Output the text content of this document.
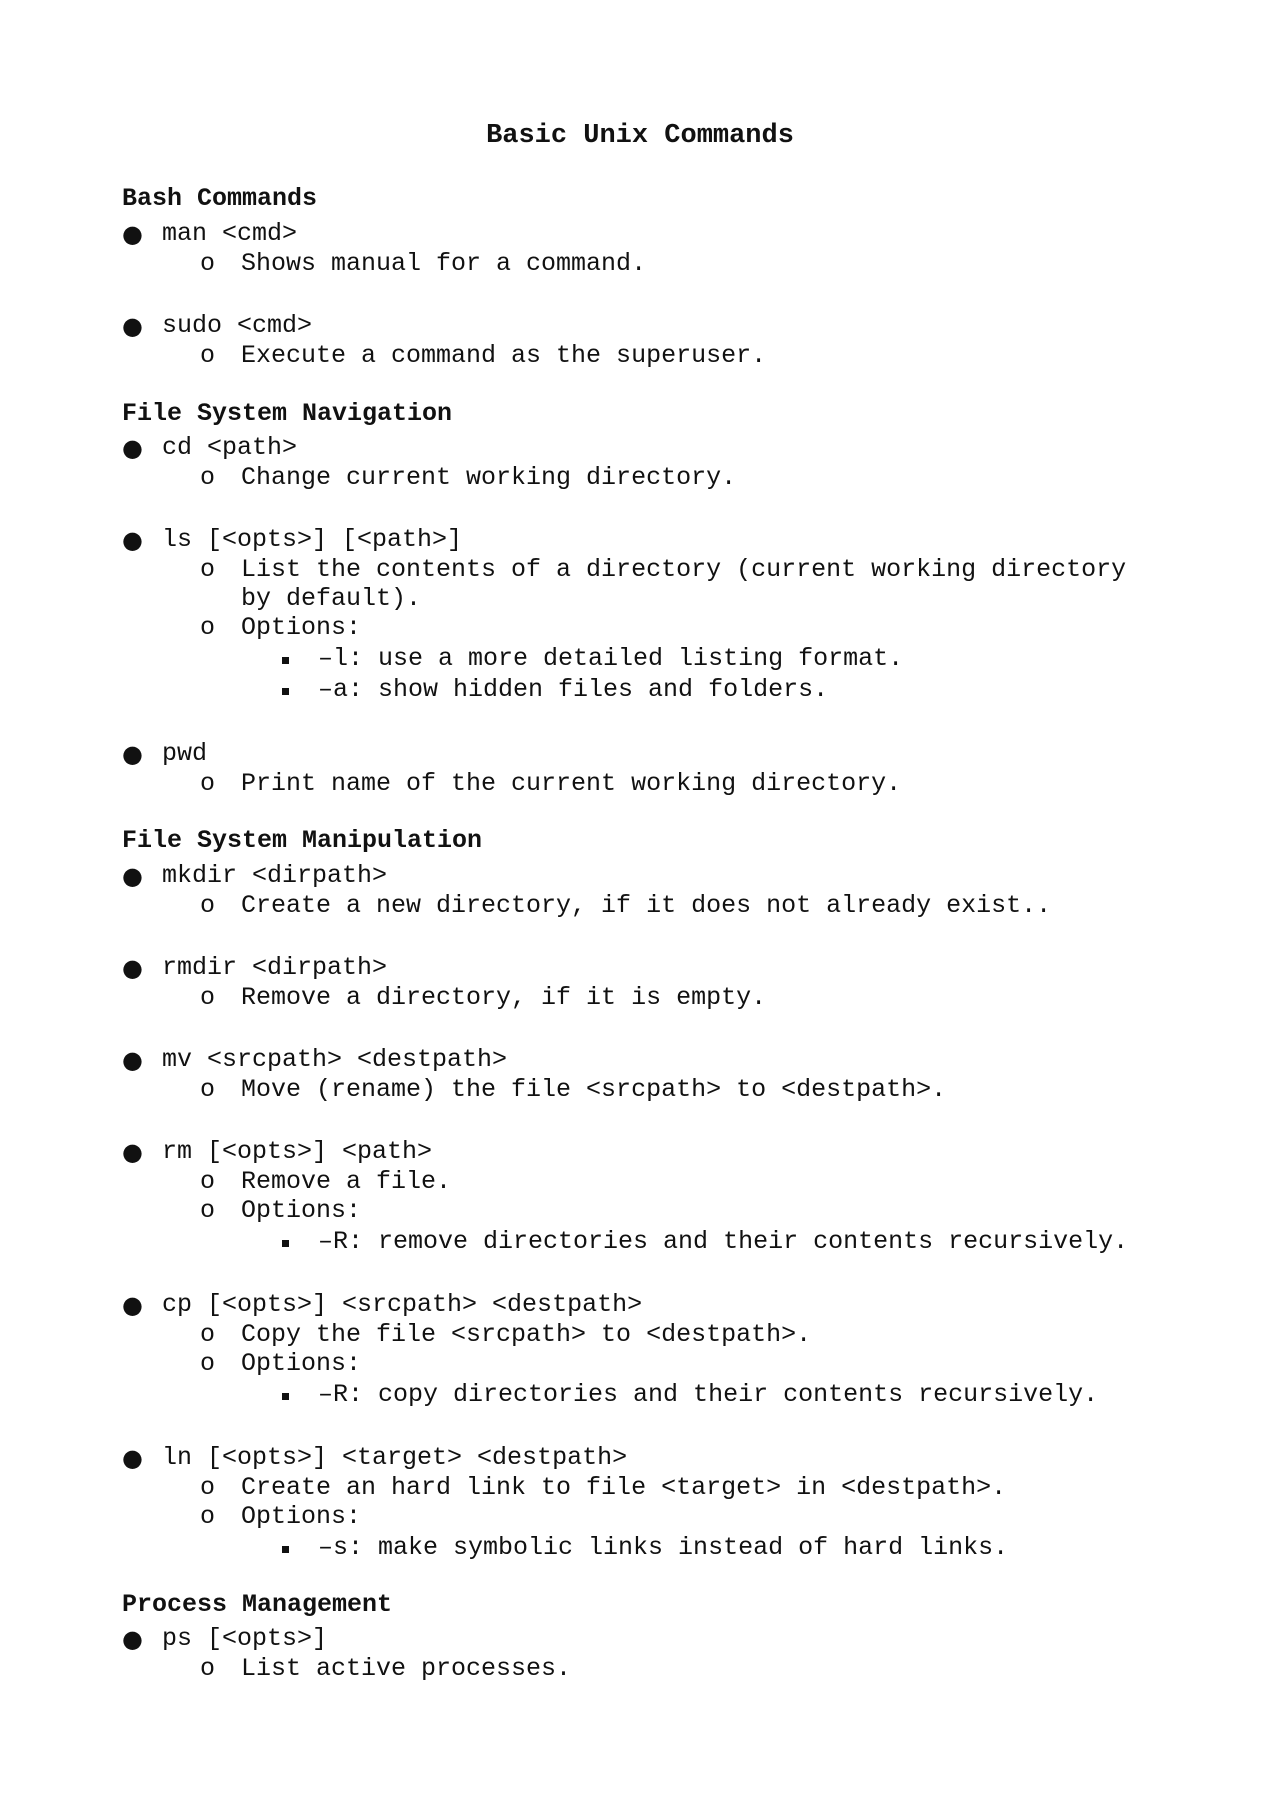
Basic Unix Commands
Bash Commands
● man <cmd>
o Shows manual for a command.
● sudo <cmd>
o Execute a command as the superuser.
File System Navigation
● cd <path>
o Change current working directory.
● ls [<opts>] [<path>]
o List the contents of a directory (current working directory
by default).
o Options:
–l: use a more detailed listing format.
–a: show hidden files and folders.
● pwd
o Print name of the current working directory.
File System Manipulation
● mkdir <dirpath>
o Create a new directory, if it does not already exist..
● rmdir <dirpath>
o Remove a directory, if it is empty.
● mv <srcpath> <destpath>
o Move (rename) the file <srcpath> to <destpath>.
● rm [<opts>] <path>
o Remove a file.
o Options:
–R: remove directories and their contents recursively.
● cp [<opts>] <srcpath> <destpath>
o Copy the file <srcpath> to <destpath>.
o Options:
–R: copy directories and their contents recursively.
● ln [<opts>] <target> <destpath>
o Create an hard link to file <target> in <destpath>.
o Options:
–s: make symbolic links instead of hard links.
Process Management
● ps [<opts>]
o List active processes.
